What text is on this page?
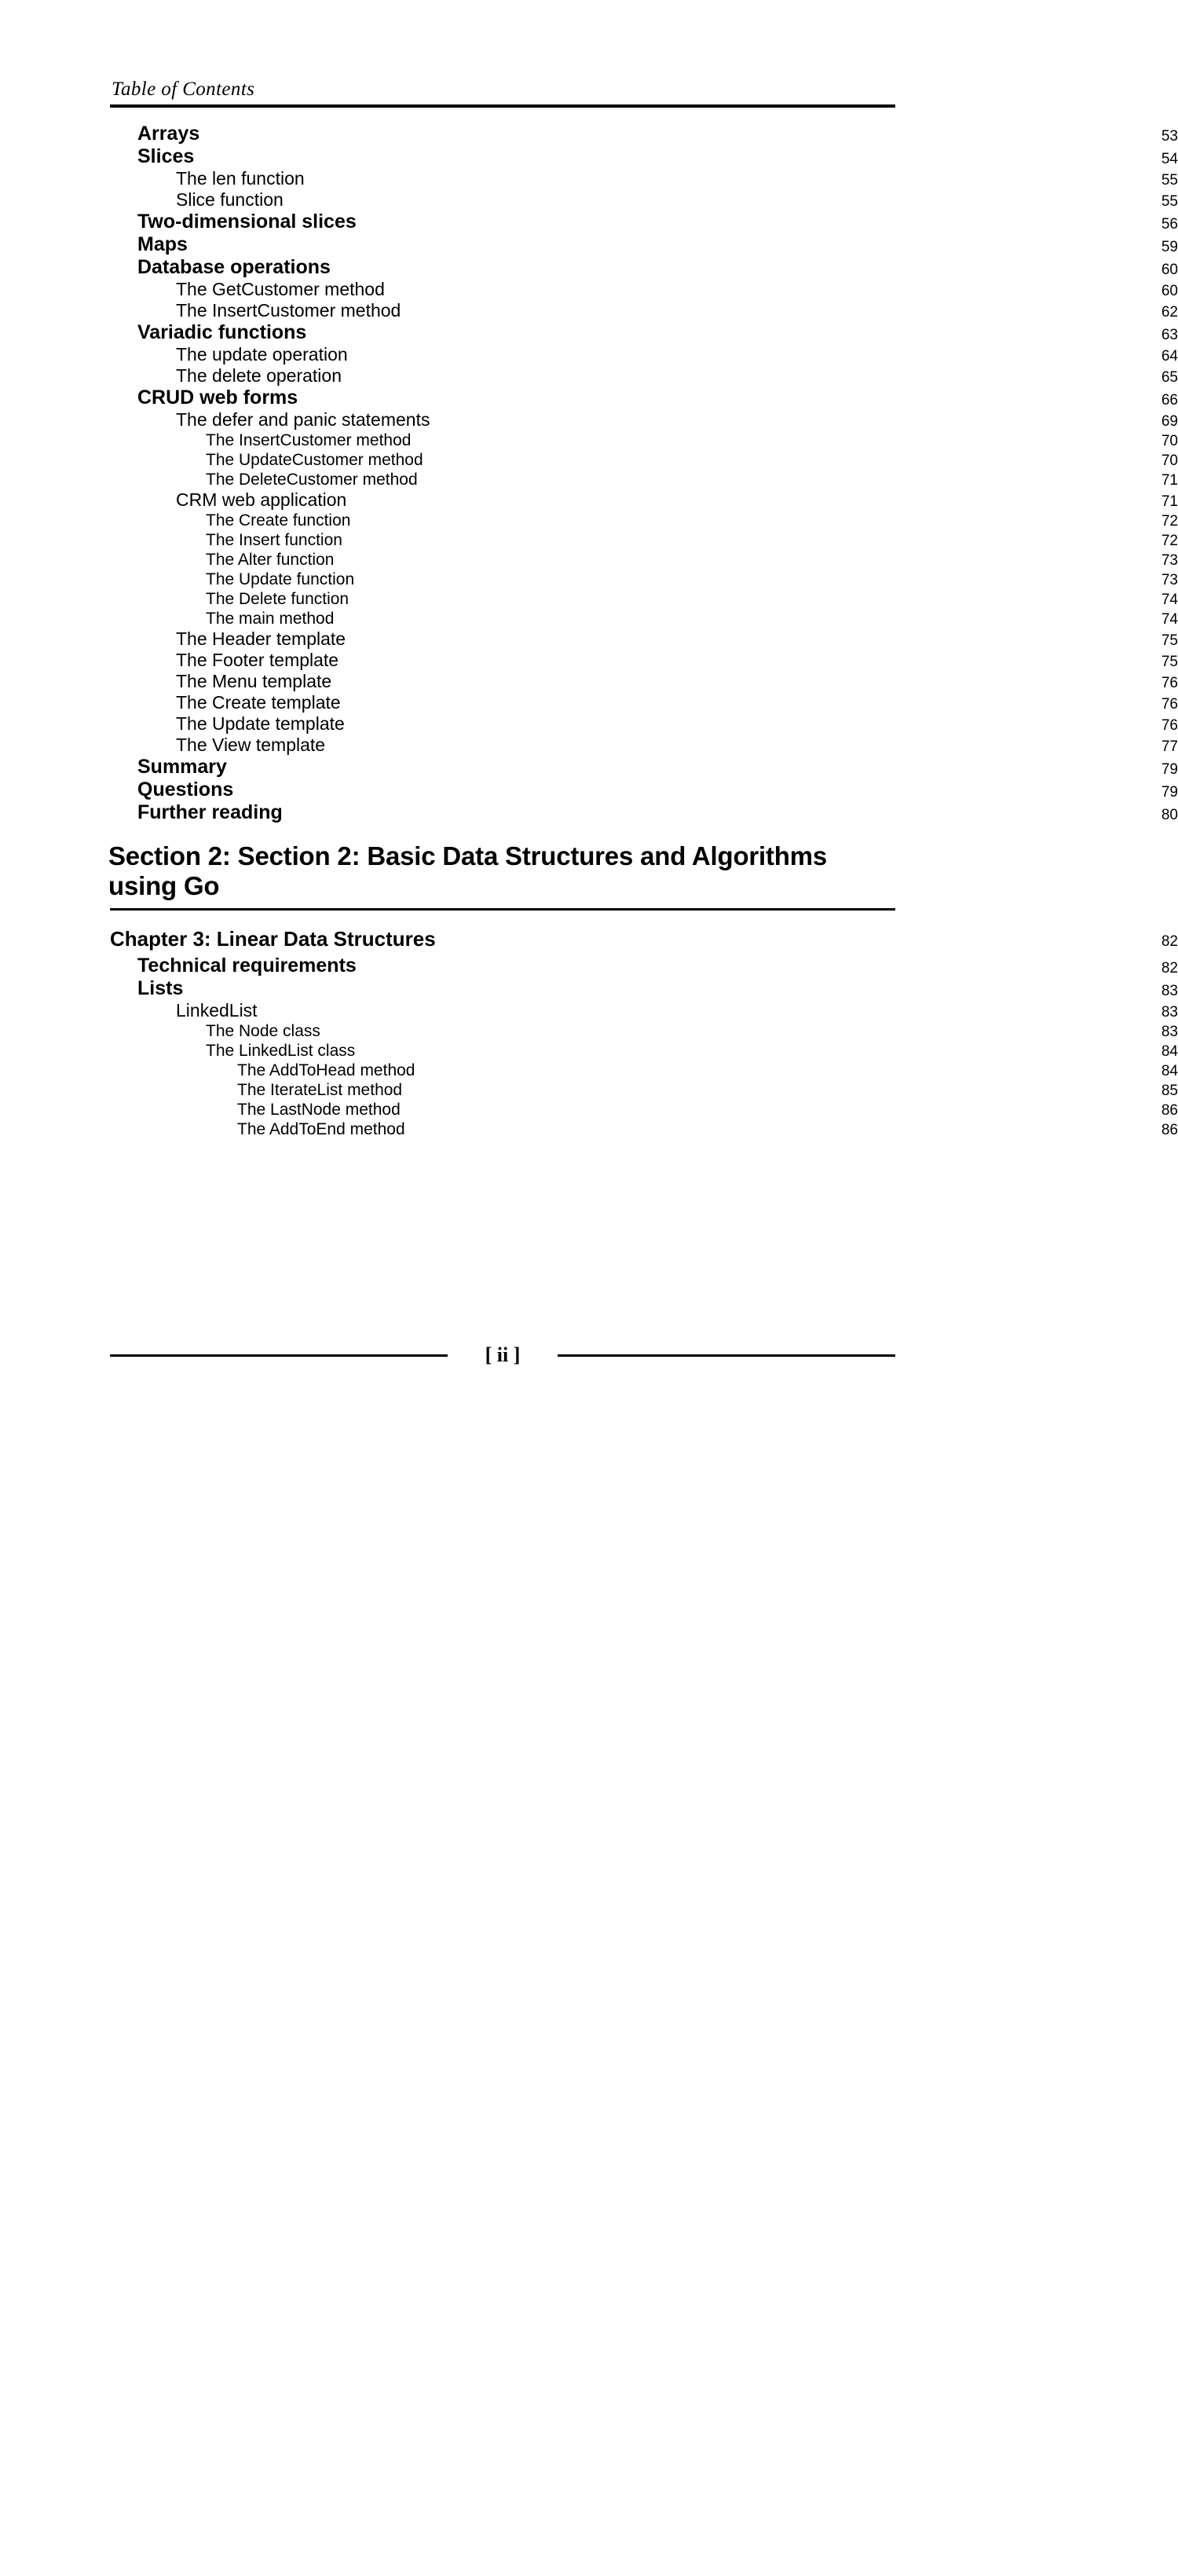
Table of Contents
Arrays	53
Slices	54
The len function	55
Slice function	55
Two-dimensional slices	56
Maps	59
Database operations	60
The GetCustomer method	60
The InsertCustomer method	62
Variadic functions	63
The update operation	64
The delete operation	65
CRUD web forms	66
The defer and panic statements	69
The InsertCustomer method	70
The UpdateCustomer method	70
The DeleteCustomer method	71
CRM web application	71
The Create function	72
The Insert function	72
The Alter function	73
The Update function	73
The Delete function	74
The main method	74
The Header template	75
The Footer template	75
The Menu template	76
The Create template	76
The Update template	76
The View template	77
Summary	79
Questions	79
Further reading	80
Section 2: Section 2: Basic Data Structures and Algorithms using Go
Chapter 3: Linear Data Structures	82
Technical requirements	82
Lists	83
LinkedList	83
The Node class	83
The LinkedList class	84
The AddToHead method	84
The IterateList method	85
The LastNode method	86
The AddToEnd method	86
[ ii ]
